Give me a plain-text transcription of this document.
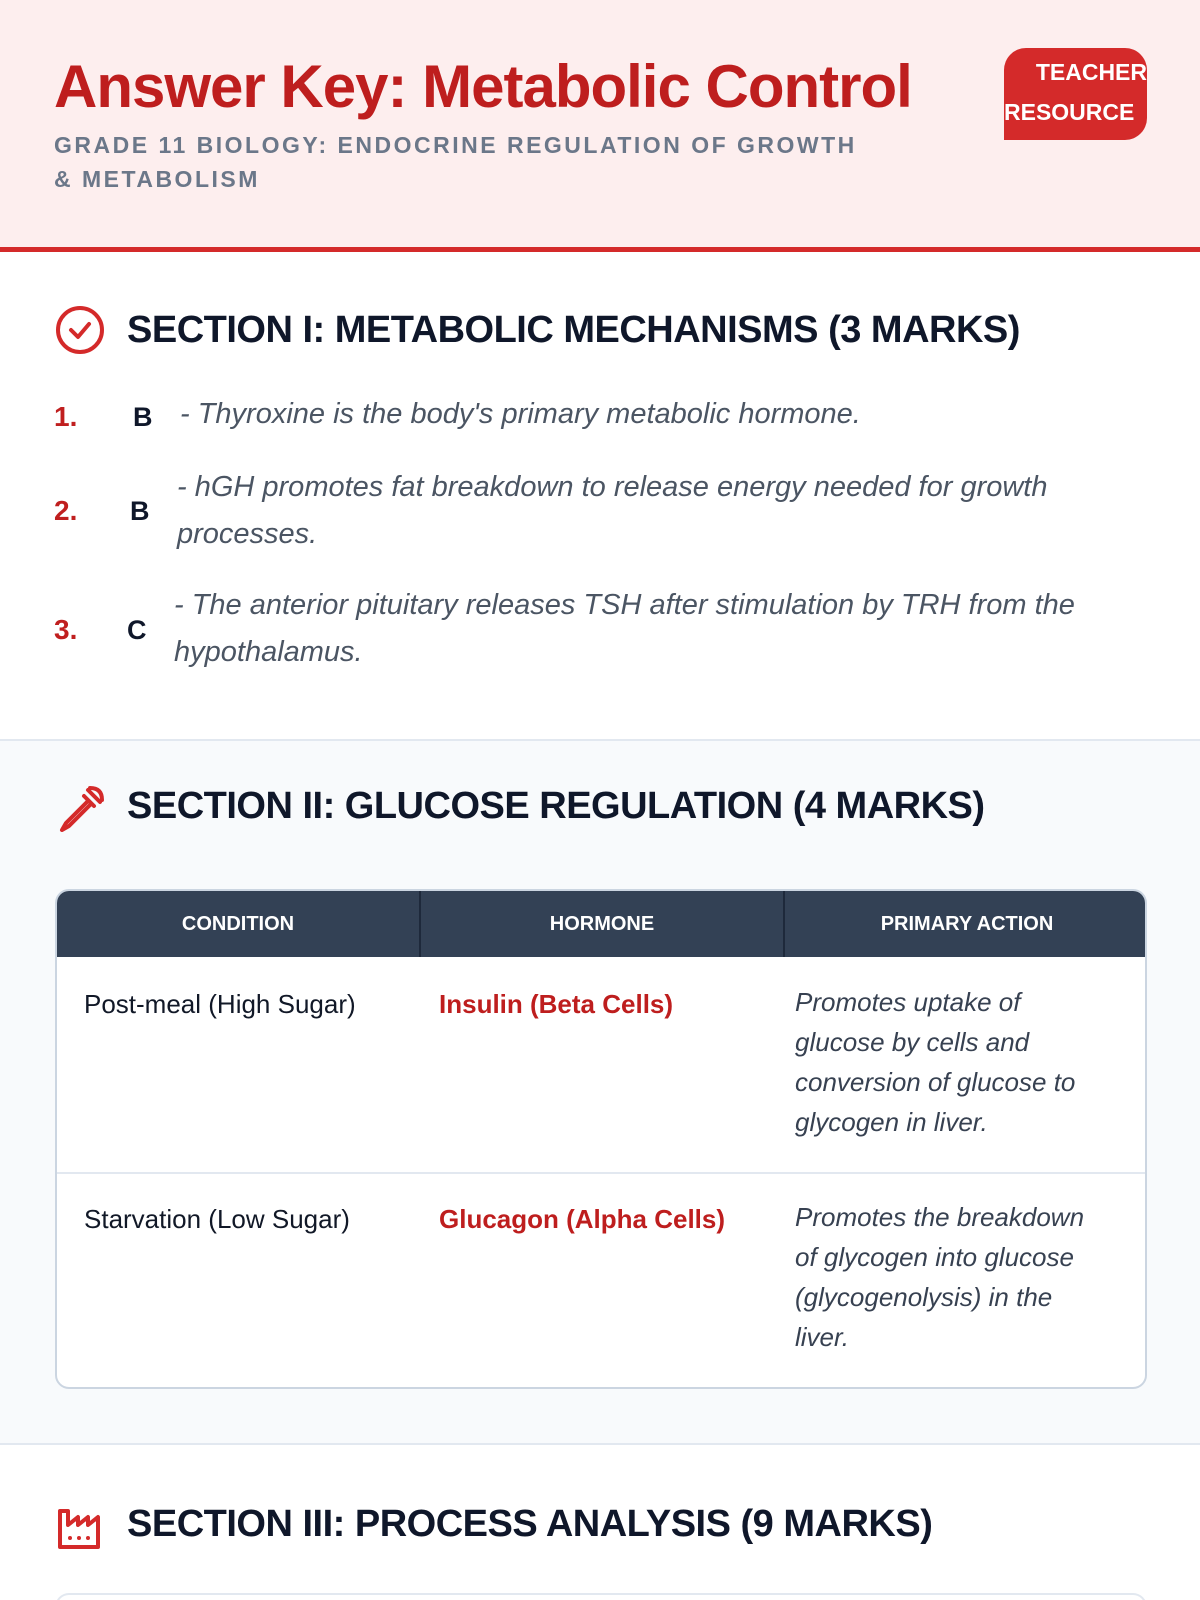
Answer Key: Metabolic Control
GRADE 11 BIOLOGY: ENDOCRINE REGULATION OF GROWTH & METABOLISM
TEACHER
RESOURCE
SECTION I: METABOLIC MECHANISMS (3 MARKS)
1. B - Thyroxine is the body's primary metabolic hormone.
2. B
- hGH promotes fat breakdown to release energy needed for growth processes.
3. C
- The anterior pituitary releases TSH after stimulation by TRH from the hypothalamus.
SECTION II: GLUCOSE REGULATION (4 MARKS)
CONDITION	HORMONE	PRIMARY ACTION
Post-meal (High Sugar)	Insulin (Beta Cells)	Promotes uptake of glucose by cells and conversion of glucose to glycogen in liver.
Starvation (Low Sugar)	Glucagon (Alpha Cells)	Promotes the breakdown of glycogen into glucose (glycogenolysis) in the liver.
SECTION III: PROCESS ANALYSIS (9 MARKS)
